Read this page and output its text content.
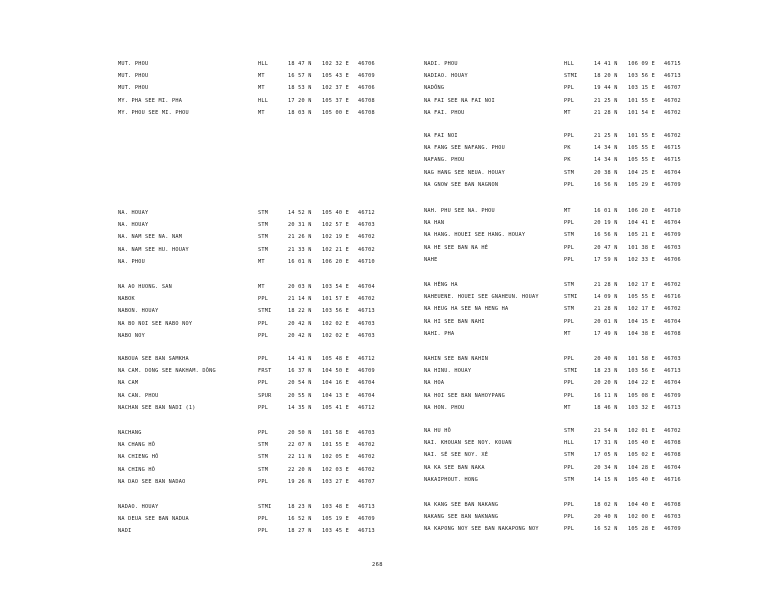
MUT. PHOU	HLL	18 47 N 102 32 E 46706
MUT. PHOU	MT	16 57 N 105 43 E 46709
MUT. PHOU	MT	18 53 N 102 37 E 46706
MY. PHA SEE MI. PHA	HLL	17 20 N 105 37 E 46708
MY. PHOU SEE MI. PHOU	MT	18 03 N 105 00 E 46708
NA. HOUAY	STM	14 52 N 105 40 E 46712
NA. HOUAY	STM	20 31 N 102 57 E 46703
NA. NAM SEE NA. NAM	STM	21 26 N 102 19 E 46702
NA. NAM SEE HU. HOUAY	STM	21 33 N 102 21 E 46702
NA. PHOU	MT	16 01 N 106 20 E 46710
NA AO HUONG. SAN	MT	20 03 N 103 54 E 46704
NABOK	PPL	21 14 N 101 57 E 46702
NABON. HOUAY	STMI	18 22 N 103 56 E 46713
NA BO NOI SEE NABO NOY	PPL	20 42 N 102 02 E 46703
NABO NOY	PPL	20 42 N 102 02 E 46703
NABOUA SEE BAN SAMKHA	PPL	14 41 N 105 48 E 46712
NA CAM. DONG SEE NAKHAM. DÔNG	FRST	16 37 N 104 50 E 46709
NA CAM	PPL	20 54 N 104 16 E 46704
NA CAN. PHOU	SPUR	20 55 N 104 13 E 46704
NACHAN SEE BAN NADI (1)	PPL	14 35 N 105 41 E 46712
NACHANG	PPL	20 50 N 101 58 E 46703
NA CHANG HÔ	STM	22 07 N 101 55 E 46702
NA CHIENG HÔ	STM	22 11 N 102 05 E 46702
NA CHING HÔ	STM	22 20 N 102 03 E 46702
NA DAO SEE BAN NADAO	PPL	19 26 N 103 27 E 46707
NADAO. HOUAY	STMI	18 23 N 103 48 E 46713
NA DEUA SEE BAN NADUA	PPL	16 52 N 105 19 E 46709
NADI	PPL	18 27 N 103 45 E 46713
NADI. PHOU	HLL	14 41 N 106 09 E 46715
NADIAO. HOUAY	STMI	18 20 N 103 56 E 46713
NADÔNG	PPL	19 44 N 103 15 E 46707
NA FAI SEE NA FAI NOI	PPL	21 25 N 101 55 E 46702
NA FAI. PHOU	MT	21 28 N 101 54 E 46702
NA FAI NOI	PPL	21 25 N 101 55 E 46702
NA FANG SEE NAFANG. PHOU	PK	14 34 N 105 55 E 46715
NAFANG. PHOU	PK	14 34 N 105 55 E 46715
NAG HANG SEE NEUA. HOUAY	STM	20 38 N 104 25 E 46704
NA GNOW SEE BAN NAGNON	PPL	16 56 N 105 29 E 46709
NAH. PHU SEE NA. PHOU	MT	16 01 N 106 20 E 46710
NA HAN	PPL	20 19 N 104 41 E 46704
NA HANG. HOUEI SEE HANG. HOUAY	STM	16 56 N 105 21 E 46709
NA HE SEE BAN NA HÉ	PPL	20 47 N 101 38 E 46703
NAHE	PPL	17 59 N 102 33 E 46706
NA HÈNG HA	STM	21 28 N 102 17 E 46702
NAHEUENE. HOUEI SEE GNAHEUN. HOUAY	STMI	14 09 N 105 55 E 46716
NA HEUG HA SEE NA HENG HA	STM	21 28 N 102 17 E 46702
NA HI SEE BAN NAHI	PPL	20 01 N 104 15 E 46704
NAHI. PHA	MT	17 49 N 104 38 E 46708
NAHIN SEE BAN NAHIN	PPL	20 40 N 101 58 E 46703
NA HINU. HOUAY	STMI	18 23 N 103 56 E 46713
NA HOA	PPL	20 20 N 104 22 E 46704
NA HOI SEE BAN NAHOYPANG	PPL	16 11 N 105 08 E 46709
NA HON. PHOU	MT	18 46 N 103 32 E 46713
NA HU HÔ	STM	21 54 N 102 01 E 46702
NAI. KHOUAN SEE NOY. KOUAN	HLL	17 31 N 105 40 E 46708
NAI. SÉ SEE NOY. XÉ	STM	17 05 N 105 02 E 46708
NA KA SEE BAN NAKA	PPL	20 34 N 104 28 E 46704
NAKAIPHOUT. HONG	STM	14 15 N 105 40 E 46716
NA KANG SEE BAN NAKANG	PPL	18 02 N 104 40 E 46708
NAKANG SEE BAN NAKNANG	PPL	20 40 N 102 00 E 46703
NA KAPONG NOY SEE BAN NAKAPONG NOY	PPL	16 52 N 105 28 E 46709
268
